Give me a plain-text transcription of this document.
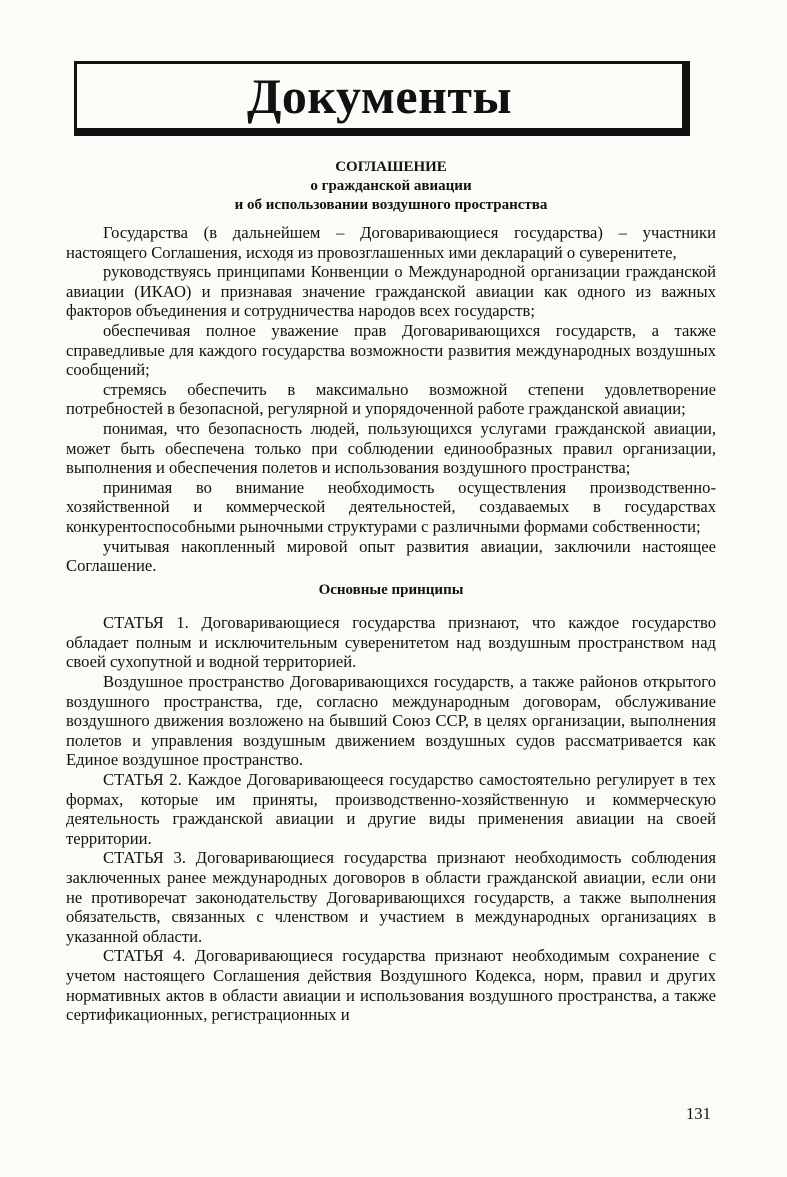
Документы
СОГЛАШЕНИЕ
о гражданской авиации
и об использовании воздушного пространства

Государства (в дальнейшем – Договаривающиеся государства) – участники настоящего Соглашения, исходя из провозглашенных ими деклараций о суверенитете,

руководствуясь принципами Конвенции о Международной организации гражданской авиации (ИКАО) и признавая значение гражданской авиации как одного из важных факторов объединения и сотрудничества народов всех государств;

обеспечивая полное уважение прав Договаривающихся государств, а также справедливые для каждого государства возможности развития международных воздушных сообщений;

стремясь обеспечить в максимально возможной степени удовлетворение потребностей в безопасной, регулярной и упорядоченной работе гражданской авиации;

понимая, что безопасность людей, пользующихся услугами гражданской авиации, может быть обеспечена только при соблюдении единообразных правил организации, выполнения и обеспечения полетов и использования воздушного пространства;

принимая во внимание необходимость осуществления производственно-хозяйственной и коммерческой деятельностей, создаваемых в государствах конкурентоспособными рыночными структурами с различными формами собственности;

учитывая накопленный мировой опыт развития авиации, заключили настоящее Соглашение.

Основные принципы

СТАТЬЯ 1. Договаривающиеся государства признают, что каждое государство обладает полным и исключительным суверенитетом над воздушным пространством над своей сухопутной и водной территорией.

Воздушное пространство Договаривающихся государств, а также районов открытого воздушного пространства, где, согласно международным договорам, обслуживание воздушного движения возложено на бывший Союз ССР, в целях организации, выполнения полетов и управления воздушным движением воздушных судов рассматривается как Единое воздушное пространство.

СТАТЬЯ 2. Каждое Договаривающееся государство самостоятельно регулирует в тех формах, которые им приняты, производственно-хозяйственную и коммерческую деятельность гражданской авиации и другие виды применения авиации на своей территории.

СТАТЬЯ 3. Договаривающиеся государства признают необходимость соблюдения заключенных ранее международных договоров в области гражданской авиации, если они не противоречат законодательству Договаривающихся государств, а также выполнения обязательств, связанных с членством и участием в международных организациях в указанной области.

СТАТЬЯ 4. Договаривающиеся государства признают необходимым сохранение с учетом настоящего Соглашения действия Воздушного Кодекса, норм, правил и других нормативных актов в области авиации и использования воздушного пространства, а также сертификационных, регистрационных и

131
